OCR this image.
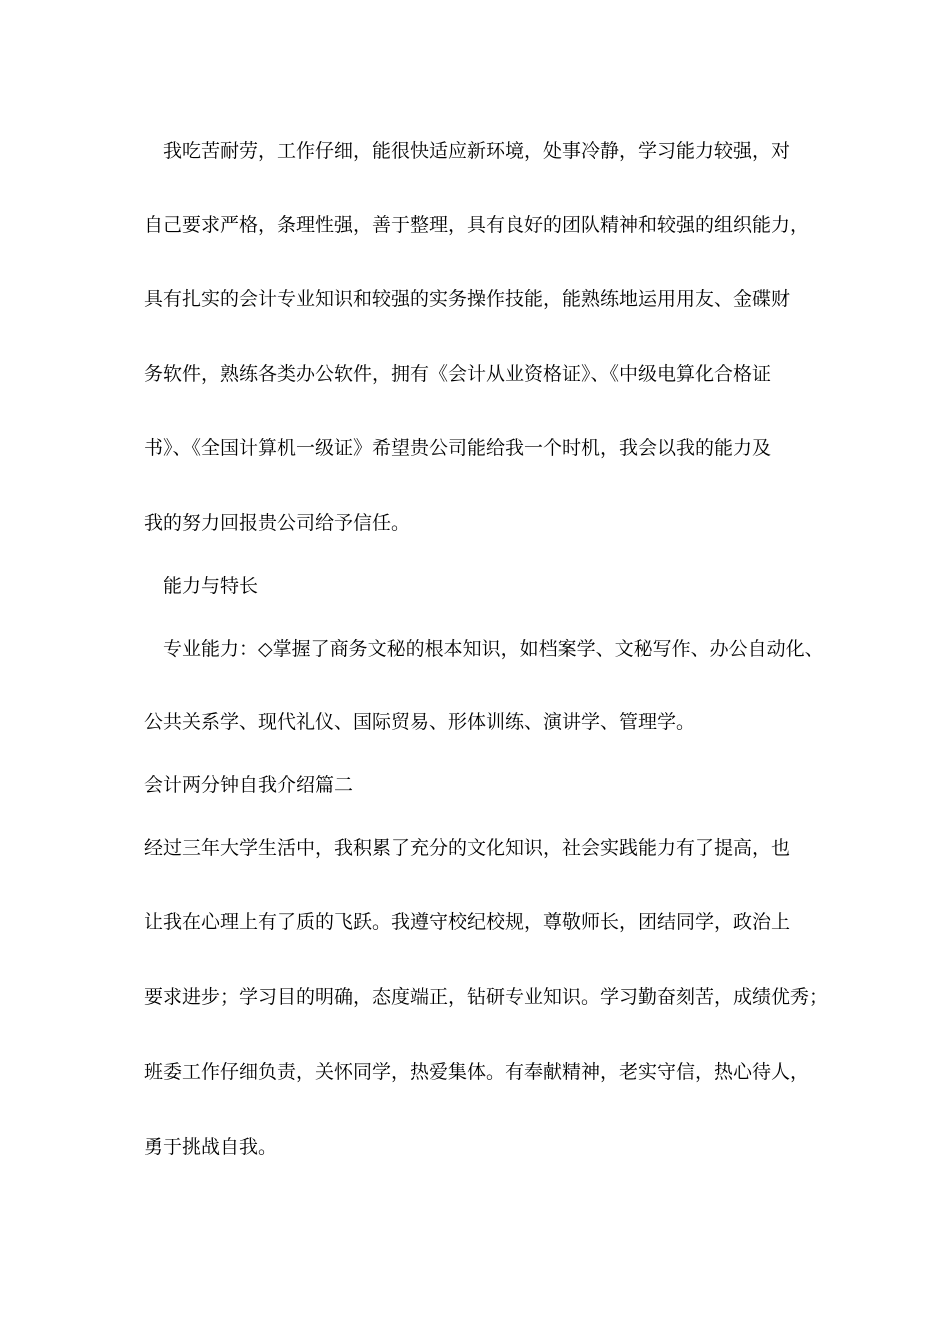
　我吃苦耐劳，工作仔细，能很快适应新环境，处事冷静，学习能力较强，对
自己要求严格，条理性强，善于整理，具有良好的团队精神和较强的组织能力，
具有扎实的会计专业知识和较强的实务操作技能，能熟练地运用用友、金碟财
务软件，熟练各类办公软件，拥有《会计从业资格证》、《中级电算化合格证
书》、《全国计算机一级证》希望贵公司能给我一个时机，我会以我的能力及
我的努力回报贵公司给予信任。
　能力与特长
　专业能力：◇掌握了商务文秘的根本知识，如档案学、文秘写作、办公自动化、
公共关系学、现代礼仪、国际贸易、形体训练、演讲学、管理学。
会计两分钟自我介绍篇二
经过三年大学生活中，我积累了充分的文化知识，社会实践能力有了提高，也
让我在心理上有了质的飞跃。我遵守校纪校规，尊敬师长，团结同学，政治上
要求进步；学习目的明确，态度端正，钻研专业知识。学习勤奋刻苦，成绩优秀；
班委工作仔细负责，关怀同学，热爱集体。有奉献精神，老实守信，热心待人，
勇于挑战自我。
